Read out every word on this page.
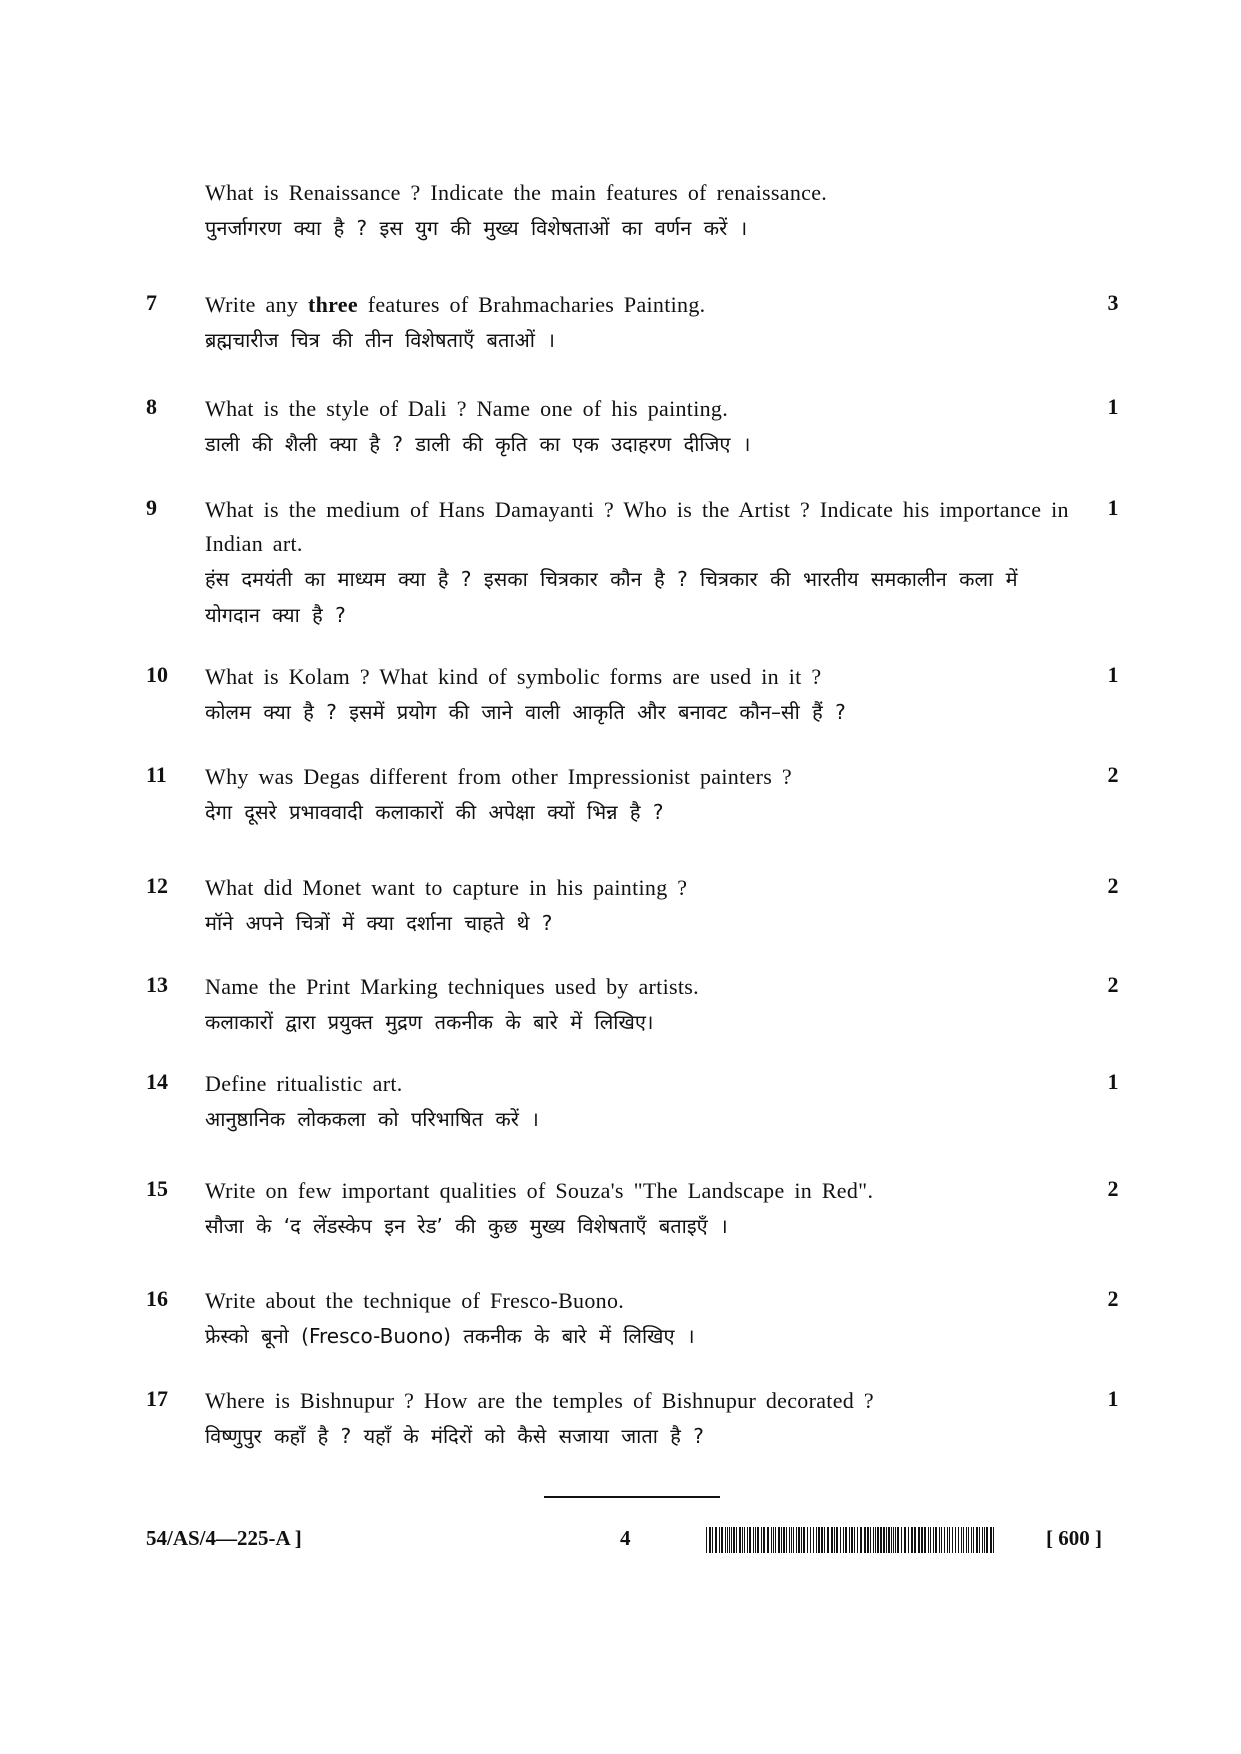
What is Renaissance ? Indicate the main features of renaissance.
पुनर्जागरण क्या है ? इस युग की मुख्य विशेषताओं का वर्णन करें ।
7 Write any three features of Brahmacharies Painting.
ब्रह्मचारीज चित्र की तीन विशेषताएँ बताओं ।
3
8 What is the style of Dali ? Name one of his painting.
डाली की शैली क्या है ? डाली की कृति का एक उदाहरण दीजिए ।
1
9 What is the medium of Hans Damayanti ? Who is the Artist ? Indicate his importance in Indian art.
हंस दमयंती का माध्यम क्या है ? इसका चित्रकार कौन है ? चित्रकार की भारतीय समकालीन कला में योगदान क्या है ?
1
10 What is Kolam ? What kind of symbolic forms are used in it ?
कोलम क्या है ? इसमें प्रयोग की जाने वाली आकृति और बनावट कौन–सी हैं ?
1
11 Why was Degas different from other Impressionist painters ?
देगा दूसरे प्रभाववादी कलाकारों की अपेक्षा क्यों भिन्न है ?
2
12 What did Monet want to capture in his painting ?
मॉने अपने चित्रों में क्या दर्शाना चाहते थे ?
2
13 Name the Print Marking techniques used by artists.
कलाकारों द्वारा प्रयुक्त मुद्रण तकनीक के बारे में लिखिए।
2
14 Define ritualistic art.
आनुष्ठानिक लोककला को परिभाषित करें ।
1
15 Write on few important qualities of Souza's "The Landscape in Red".
सौजा के ‘द लेंडस्केप इन रेड’ की कुछ मुख्य विशेषताएँ बताइएँ ।
2
16 Write about the technique of Fresco-Buono.
फ्रेस्को बूनो (Fresco-Buono) तकनीक के बारे में लिखिए ।
2
17 Where is Bishnupur ? How are the temples of Bishnupur decorated ?
विष्णुपुर कहाँ है ? यहाँ के मंदिरों को कैसे सजाया जाता है ?
1
54/AS/4—225-A ]	4	[ 600 ]
